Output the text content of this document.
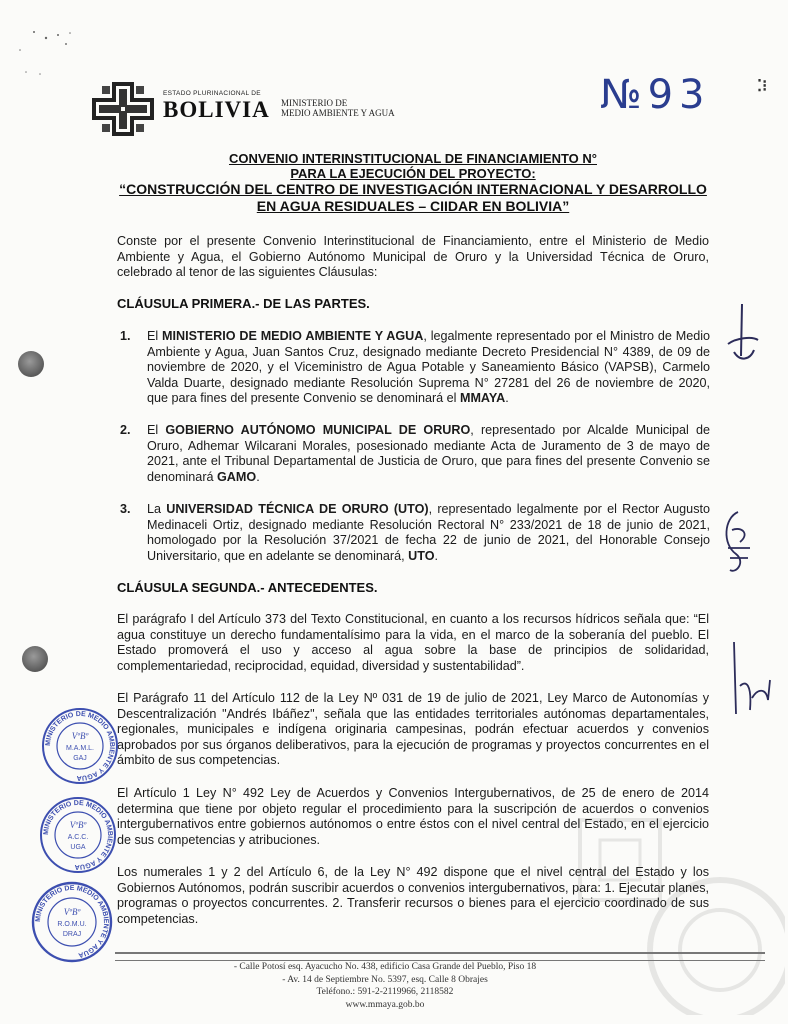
ESTADO PLURINACIONAL DE
BOLIVIA MINISTERIO DE
MEDIO AMBIENTE Y AGUA	№93	⁚⁝
CONVENIO INTERINSTITUCIONAL DE FINANCIAMIENTO N°
PARA LA EJECUCIÓN DEL PROYECTO:
“CONSTRUCCIÓN DEL CENTRO DE INVESTIGACIÓN INTERNACIONAL Y DESARROLLO
EN AGUA RESIDUALES – CIIDAR EN BOLIVIA”
Conste por el presente Convenio Interinstitucional de Financiamiento, entre el Ministerio de Medio Ambiente y Agua, el Gobierno Autónomo Municipal de Oruro y la Universidad Técnica de Oruro, celebrado al tenor de las siguientes Cláusulas:
CLÁUSULA PRIMERA.- DE LAS PARTES.
1. El MINISTERIO DE MEDIO AMBIENTE Y AGUA, legalmente representado por el Ministro de Medio Ambiente y Agua, Juan Santos Cruz, designado mediante Decreto Presidencial N° 4389, de 09 de noviembre de 2020, y el Viceministro de Agua Potable y Saneamiento Básico (VAPSB), Carmelo Valda Duarte, designado mediante Resolución Suprema N° 27281 del 26 de noviembre de 2020, que para fines del presente Convenio se denominará el MMAYA.
2. El GOBIERNO AUTÓNOMO MUNICIPAL DE ORURO, representado por Alcalde Municipal de Oruro, Adhemar Wilcarani Morales, posesionado mediante Acta de Juramento de 3 de mayo de 2021, ante el Tribunal Departamental de Justicia de Oruro, que para fines del presente Convenio se denominará GAMO.
3. La UNIVERSIDAD TÉCNICA DE ORURO (UTO), representado legalmente por el Rector Augusto Medinaceli Ortiz, designado mediante Resolución Rectoral N° 233/2021 de 18 de junio de 2021, homologado por la Resolución 37/2021 de fecha 22 de junio de 2021, del Honorable Consejo Universitario, que en adelante se denominará, UTO.
CLÁUSULA SEGUNDA.- ANTECEDENTES.
El parágrafo I del Artículo 373 del Texto Constitucional, en cuanto a los recursos hídricos señala que: “El agua constituye un derecho fundamentalísimo para la vida, en el marco de la soberanía del pueblo. El Estado promoverá el uso y acceso al agua sobre la base de principios de solidaridad, complementariedad, reciprocidad, equidad, diversidad y sustentabilidad”.
El Parágrafo 11 del Artículo 112 de la Ley Nº 031 de 19 de julio de 2021, Ley Marco de Autonomías y Descentralización "Andrés Ibáñez", señala que las entidades territoriales autónomas departamentales, regionales, municipales e indígena originaria campesinas, podrán efectuar acuerdos y convenios aprobados por sus órganos deliberativos, para la ejecución de programas y proyectos concurrentes en el ámbito de sus competencias.
El Artículo 1 Ley N° 492 Ley de Acuerdos y Convenios Intergubernativos, de 25 de enero de 2014 determina que tiene por objeto regular el procedimiento para la suscripción de acuerdos o convenios intergubernativos entre gobiernos autónomos o entre éstos con el nivel central del Estado, en el ejercicio de sus competencias y atribuciones.
Los numerales 1 y 2 del Artículo 6, de la Ley N° 492 dispone que el nivel central del Estado y los Gobiernos Autónomos, podrán suscribir acuerdos o convenios intergubernativos, para: 1. Ejecutar planes, programas o proyectos concurrentes. 2. Transferir recursos o bienes para el ejercicio coordinado de sus competencias.
MINISTERIO DE MEDIO AMBIENTE Y AGUA
VºBº
M.A.M.L.
GAJ
MINISTERIO DE MEDIO AMBIENTE Y AGUA
VºBº
A.C.C.
UGA
MINISTERIO DE MEDIO AMBIENTE Y AGUA
VºBº
R.O.M.U.
DRAJ
- Calle Potosí esq. Ayacucho No. 438, edificio Casa Grande del Pueblo, Piso 18
- Av. 14 de Septiembre No. 5397, esq. Calle 8 Obrajes
Teléfono.: 591-2-2119966, 2118582
www.mmaya.gob.bo
